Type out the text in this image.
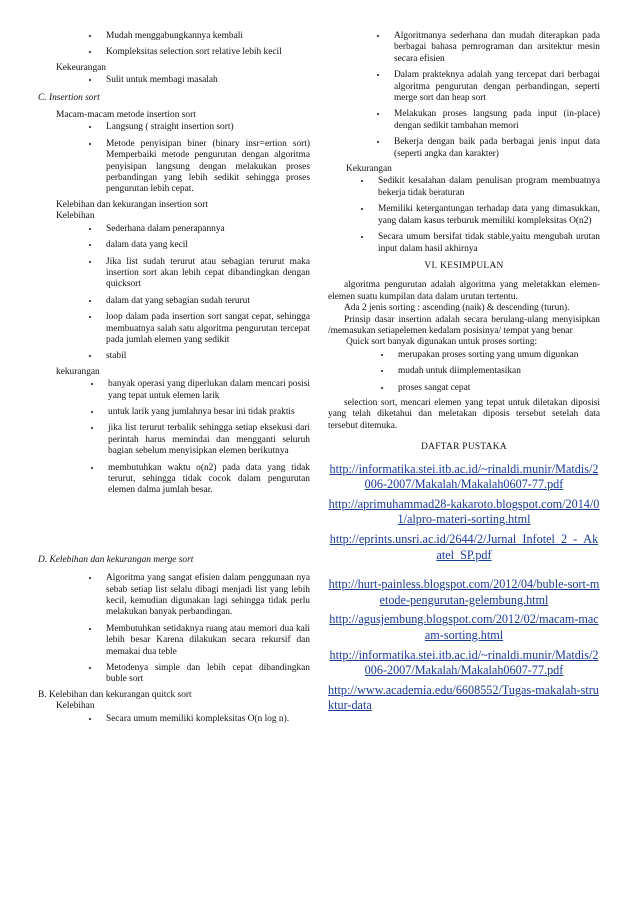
• Mudah menggabungkannya kembali
• Kompleksitas selection sort relative lebih kecil
Kekeurangan
• Sulit untuk membagi masalah
C. Insertion sort
Macam-macam metode insertion sort
• Langsung ( straight insertion sort)
• Metode penyisipan biner (binary insr=ertion sort) Memperbaiki metode pengurutan dengan algoritma penyisipan langsung dengan melakukan proses perbandingan yang lebih sedikit sehingga proses pengurutan lebih cepat.
Kelebihan dan kekurangan insertion sort
Kelebihan
• Sederhana dalam penerapannya
• dalam data yang kecil
• Jika list sudah terurut atau sebagian terurut maka insertion sort akan lebih cepat dibandingkan dengan quicksort
• dalam dat yang sebagian sudah terurut
• loop dalam pada insertion sort sangat cepat, sehingga membuatnya salah satu algoritma pengurutan tercepat pada jumlah elemen yang sedikit
• stabil
kekurangan
• banyak operasi yang diperlukan dalam mencari posisi yang tepat untuk elemen larik
• untuk larik yang jumlahnya besar ini tidak praktis
• jika list terurut terbalik sehingga setiap eksekusi dari perintah harus memindai dan mengganti seluruh bagian sebelum menyisipkan elemen berikutnya
• membutuhkan waktu o(n2) pada data yang tidak terurut, sehingga tidak cocok dalam pengurutan elemen dalma jumlah besar.
D. Kelebihan dan kekurangan merge sort
• Algoritma yang sangat efisien dalam penggunaan nya sebab setiap list selalu dibagi menjadi list yang lebih kecil, kemudian digunakan lagi sehingga tidak perlu melakukan banyak perbandingan.
• Membutuhkan setidaknya ruang atau memori dua kali lebih besar Karena dilakukan secara rekursif dan memakai dua teble
• Metodenya simple dan lebih cepat dibandingkan buble sort
B. Kelebihan dan kekurangan quitck sort
Kelebihan
• Secara umum memiliki kompleksitas O(n log n).
• Algoritmanya sederhana dan mudah diterapkan pada berbagai bahasa pemrograman dan arsitektur mesin secara efisien
• Dalam prakteknya adalah yang tercepat dari berbagai algoritma pengurutan dengan perbandingan, seperti merge sort dan heap sort
• Melakukan proses langsung pada input (in-place) dengan sedikit tambahan memori
• Bekerja dengan baik pada berbagai jenis input data (seperti angka dan karakter)
Kekurangan
• Sedikit kesalahan dalam penulisan program membuatnya bekerja tidak beraturan
• Memiliki ketergantungan terhadap data yang dimasukkan, yang dalam kasus terburuk memiliki kompleksitas O(n2)
• Secara umum bersifat tidak stable,yaitu mengubah urutan input dalam hasil akhirnya
VI. KESIMPULAN

algoritma pengurutan adalah algoritma yang meletakkan elemen-elemen suatu kumpilan data dalam urutan tertentu.

Ada 2 jenis sorting : ascending (naik) & descending (turun).

Prinsip dasar insertion adalah secara berulang-ulang menyisipkan /memasukan setiapelemen kedalam posisinya/ tempat yang benar

Quick sort banyak digunakan untuk proses sorting:
• merupakan proses sorting yang umum digunkan
• mudah untuk diimplementasikan
• proses sangat cepat

selection sort, mencari elemen yang tepat untuk diletakan diposisi yang telah diketahui dan meletakan diposis tersebut setelah data tersebut ditemuka.

DAFTAR PUSTAKA
http://informatika.stei.itb.ac.id/~rinaldi.munir/Matdis/2006-2007/Makalah/Makalah0607-77.pdf
http://aprimuhammad28-kakaroto.blogspot.com/2014/01/alpro-materi-sorting.html
http://eprints.unsri.ac.id/2644/2/Jurnal_Infotel_2_-_Akatel_SP.pdf
http://hurt-painless.blogspot.com/2012/04/buble-sort-metode-pengurutan-gelembung.html
http://agusjembung.blogspot.com/2012/02/macam-macam-sorting.html
http://informatika.stei.itb.ac.id/~rinaldi.munir/Matdis/2006-2007/Makalah/Makalah0607-77.pdf
http://www.academia.edu/6608552/Tugas-makalah-struktur-data
